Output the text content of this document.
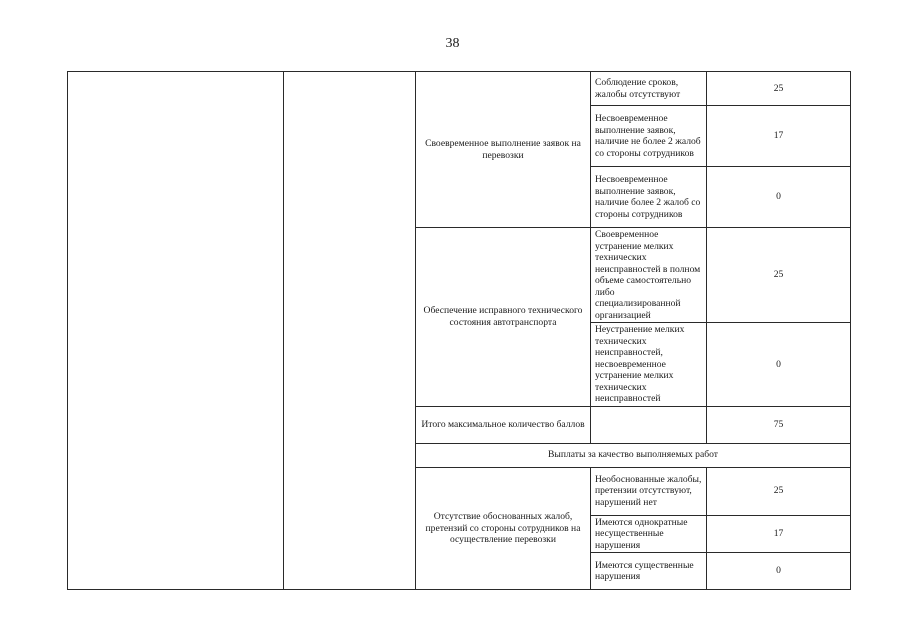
38
		Своевременное выполнение заявок на перевозки	Соблюдение сроков, жалобы отсутствуют	25
			Несвоевременное выполнение заявок, наличие не более 2 жалоб со стороны сотрудников	17
			Несвоевременное выполнение заявок, наличие более 2 жалоб со стороны сотрудников	0
		Обеспечение исправного технического состояния автотранспорта	Своевременное устранение мелких технических неисправностей в полном объеме самостоятельно либо специализированной организацией	25
			Неустранение мелких технических неисправностей, несвоевременное устранение мелких технических неисправностей	0
		Итого максимальное количество баллов		75
		Выплаты за качество выполняемых работ		
		Отсутствие обоснованных жалоб, претензий со стороны сотрудников на осуществление перевозки	Необоснованные жалобы, претензии отсутствуют, нарушений нет	25
			Имеются однократные несущественные нарушения	17
			Имеются существенные нарушения	0
